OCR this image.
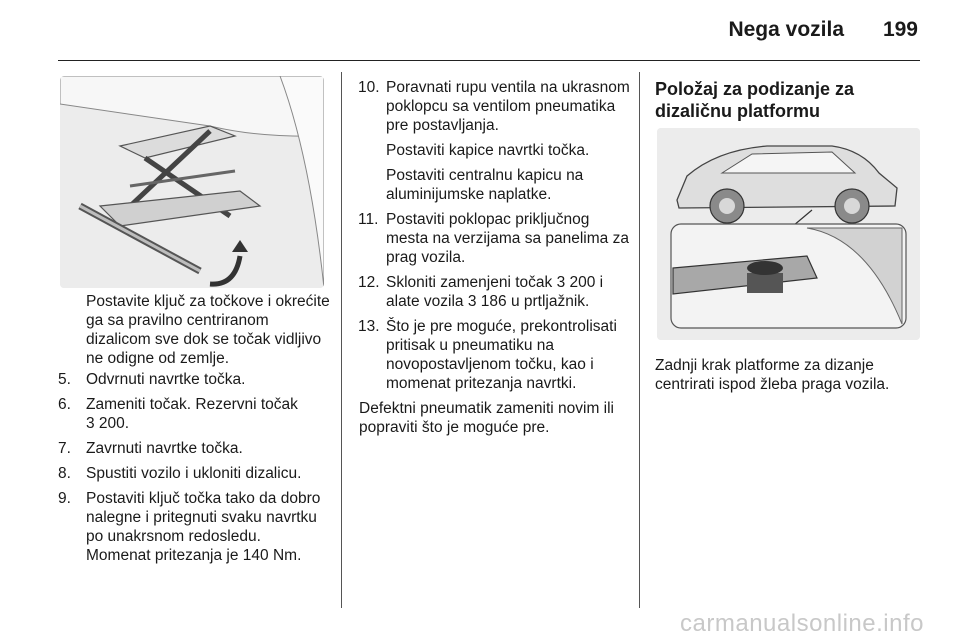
Nega vozila 199

Postavite ključ za točkove i okrećite ga sa pravilno centriranom dizalicom sve dok se točak vidljivo ne odigne od zemlje.

5. Odvrnuti navrtke točka.
6. Zameniti točak. Rezervni točak
3 200.
7. Zavrnuti navrtke točka.
8. Spustiti vozilo i ukloniti dizalicu.
9. Postaviti ključ točka tako da dobro nalegne i pritegnuti svaku navrtku po unakrsnom redosledu.
Momenat pritezanja je 140 Nm.
10. Poravnati rupu ventila na ukrasnom poklopcu sa ventilom pneumatika pre postavljanja.

Postaviti kapice navrtki točka.

Postaviti centralnu kapicu na aluminijumske naplatke.

11. Postaviti poklopac priključnog mesta na verzijama sa panelima za prag vozila.
12. Skloniti zamenjeni točak 3 200 i alate vozila 3 186 u prtljažnik.
13. Što je pre moguće, prekontrolisati pritisak u pneumatiku na novopostavljenom točku, kao i momenat pritezanja navrtki.

Defektni pneumatik zameniti novim ili popraviti što je moguće pre.

Položaj za podizanje za dizaličnu platformu

Zadnji krak platforme za dizanje centrirati ispod žleba praga vozila.

carmanualsonline.info
